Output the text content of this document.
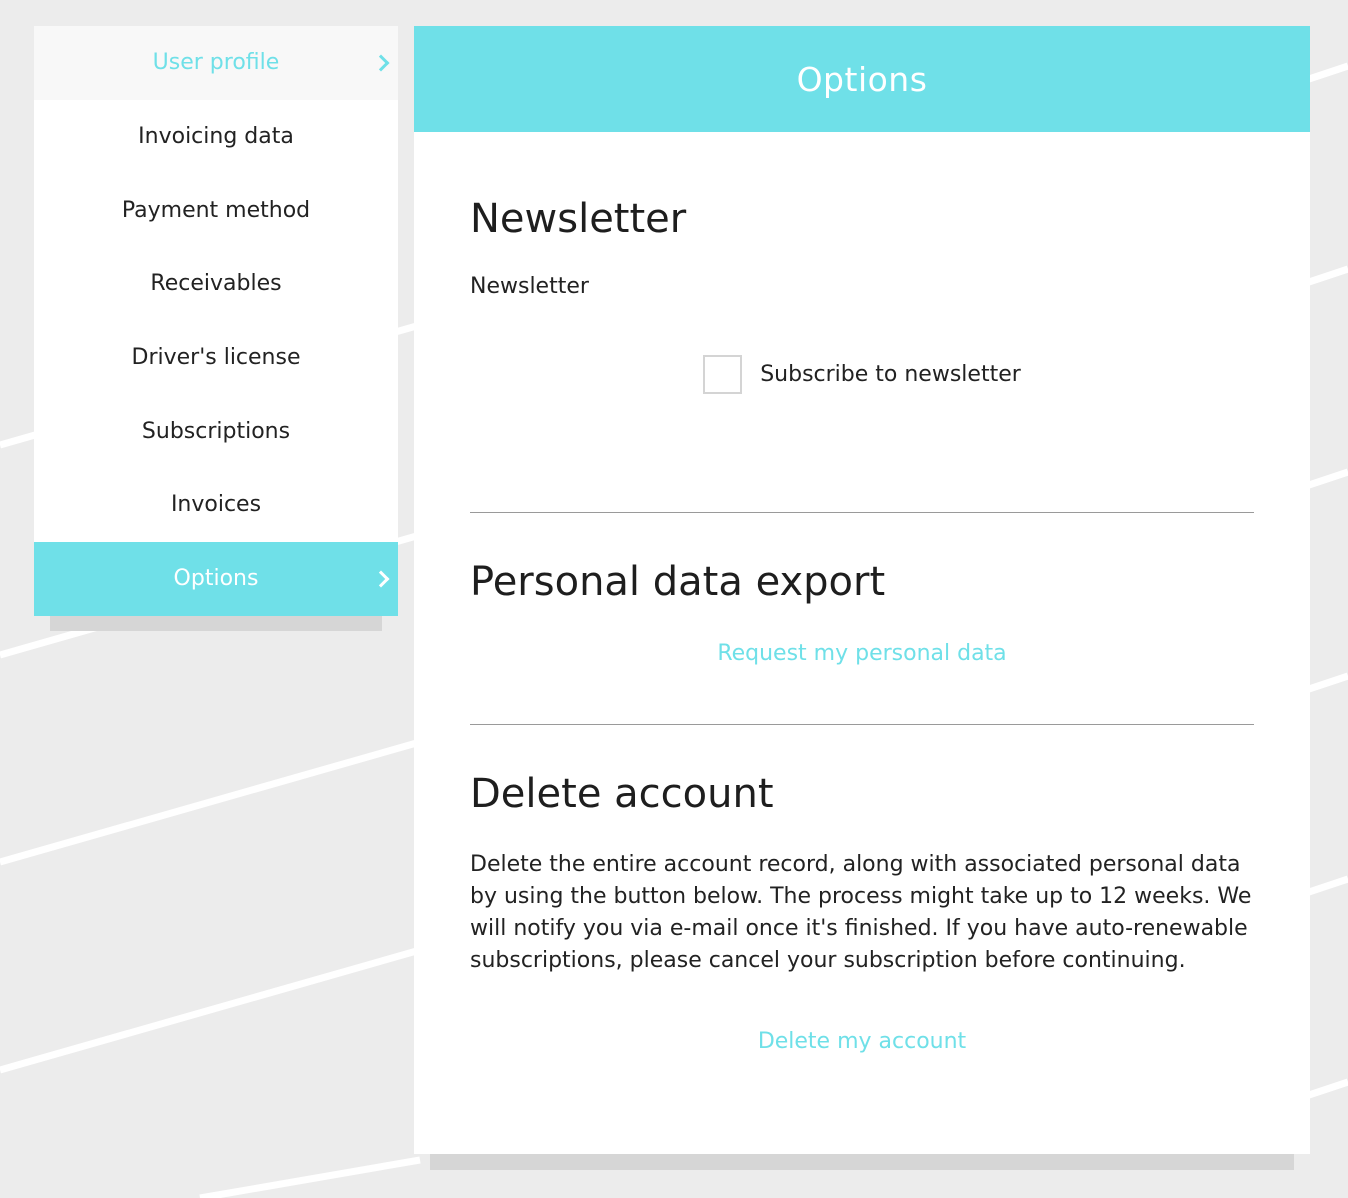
User profile
Invoicing data
Payment method
Receivables
Driver's license
Subscriptions
Invoices
Options
Options
Newsletter
Newsletter
Subscribe to newsletter
Personal data export
Request my personal data
Delete account

Delete the entire account record, along with associated personal data by using the button below. The process might take up to 12 weeks. We will notify you via e-mail once it's finished. If you have auto-renewable subscriptions, please cancel your subscription before continuing.

Delete my account
